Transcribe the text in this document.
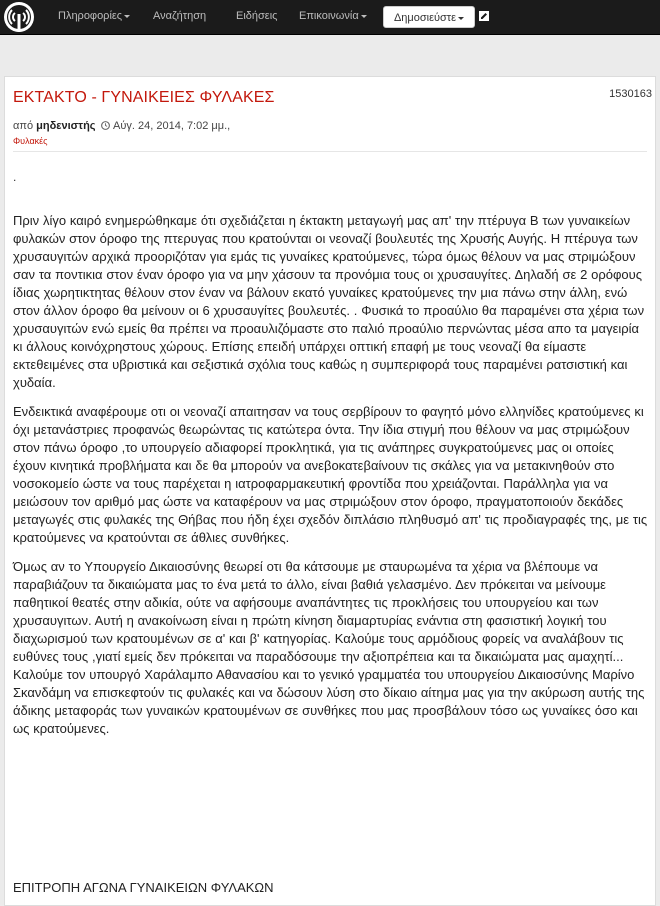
Πληροφορίες	Αναζήτηση	Ειδήσεις Επικοινωνία	Δημοσιεύστε
ΕΚΤΑΚΤΟ - ΓΥΝΑΙΚΕΙΕΣ ΦΥΛΑΚΕΣ	1530163
από μηδενιστής Αύγ. 24, 2014, 7:02 μμ.,
Φυλακές
.

Πριν λίγο καιρό ενημερώθηκαμε ότι σχεδιάζεται η έκτακτη μεταγωγή μας απ' την πτέρυγα Β των γυναικείων φυλακών στον όροφο της πτερυγας που κρατούνται οι νεοναζί βουλευτές της Χρυσής Αυγής. Η πτέρυγα των χρυσαυγιτών αρχικά προοριζόταν για εμάς τις γυναίκες κρατούμενες, τώρα όμως θέλουν να μας στριμώξουν σαν τα ποντικια στον έναν όροφο για να μην χάσουν τα προνόμια τους οι χρυσαυγίτες. Δηλαδή σε 2 ορόφους ίδιας χωρητικτητας θέλουν στον έναν να βάλουν εκατό γυναίκες κρατούμενες την μια πάνω στην άλλη, ενώ στον άλλον όροφο θα μείνουν οι 6 χρυσαυγίτες βουλευτές. . Φυσικά το προαύλιο θα παραμένει στα χέρια των χρυσαυγιτών ενώ εμείς θα πρέπει να προαυλιζόμαστε στο παλιό προαύλιο περνώντας μέσα απο τα μαγειρία κι άλλους κοινόχρηστους χώρους. Επίσης επειδή υπάρχει οπτική επαφή με τους νεοναζί θα είμαστε εκτεθειμένες στα υβριστικά και σεξιστικά σχόλια τους καθώς η συμπεριφορά τους παραμένει ρατσιστική και χυδαία.

Ενδεικτικά αναφέρουμε οτι οι νεοναζί απαιτησαν να τους σερβίρουν το φαγητό μόνο ελληνίδες κρατούμενες κι όχι μετανάστριες προφανώς θεωρώντας τις κατώτερα όντα. Την ίδια στιγμή που θέλουν να μας στριμώξουν στον πάνω όροφο ,το υπουργείο αδιαφορεί προκλητικά, για τις ανάπηρες συγκρατούμενες μας οι οποίες έχουν κινητικά προβλήματα και δε θα μπορούν να ανεβοκατεβαίνουν τις σκάλες για να μετακινηθούν στο νοσοκομείο ώστε να τους παρέχεται η ιατροφαρμακευτική φροντίδα που χρειάζονται. Παράλληλα για να μειώσουν τον αριθμό μας ώστε να καταφέρουν να μας στριμώξουν στον όροφο, πραγματοποιούν δεκάδες μεταγωγές στις φυλακές της Θήβας που ήδη έχει σχεδόν διπλάσιο πληθυσμό απ' τις προδιαγραφές της, με τις κρατούμενες να κρατούνται σε άθλιες συνθήκες.

Όμως αν το Υπουργείο Δικαιοσύνης θεωρεί οτι θα κάτσουμε με σταυρωμένα τα χέρια να βλέπουμε να παραβιάζουν τα δικαιώματα μας το ένα μετά το άλλο, είναι βαθιά γελασμένο. Δεν πρόκειται να μείνουμε παθητικοί θεατές στην αδικία, ούτε να αφήσουμε αναπάντητες τις προκλήσεις του υπουργείου και των χρυσαυγιτων. Αυτή η ανακοίνωση είναι η πρώτη κίνηση διαμαρτυρίας ενάντια στη φασιστική λογική του διαχωρισμού των κρατουμένων σε α' και β' κατηγορίας. Καλούμε τους αρμόδιους φορείς να αναλάβουν τις ευθύνες τους ,γιατί εμείς δεν πρόκειται να παραδόσουμε την αξιοπρέπεια και τα δικαιώματα μας αμαχητί... Καλούμε τον υπουργό Χαράλαμπο Αθανασίου και το γενικό γραμματέα του υπουργείου Δικαιοσύνης Μαρίνο Σκανδάμη να επισκεφτούν τις φυλακές και να δώσουν λύση στο δίκαιο αίτημα μας για την ακύρωση αυτής της άδικης μεταφοράς των γυναικών κρατουμένων σε συνθήκες που μας προσβάλουν τόσο ως γυναίκες όσο και ως κρατούμενες.

ΕΠΙΤΡΟΠΗ ΑΓΩΝΑ ΓΥΝΑΙΚΕΙΩΝ ΦΥΛΑΚΩΝ
